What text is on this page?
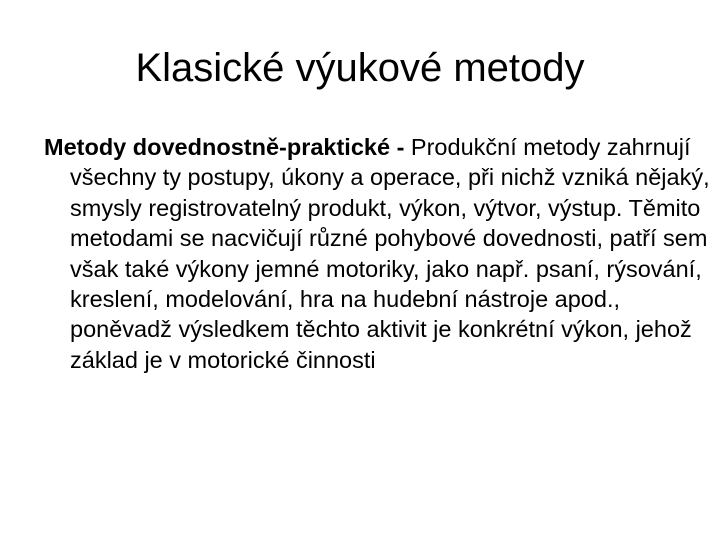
Klasické výukové metody

Metody dovednostně-praktické - Produkční metody zahrnují všechny ty postupy, úkony a operace, při nichž vzniká nějaký, smysly registrovatelný produkt, výkon, výtvor, výstup. Těmito metodami se nacvičují různé pohybové dovednosti, patří sem však také výkony jemné motoriky, jako např. psaní, rýsování, kreslení, modelování, hra na hudební nástroje apod., poněvadž výsledkem těchto aktivit je konkrétní výkon, jehož základ je v motorické činnosti
